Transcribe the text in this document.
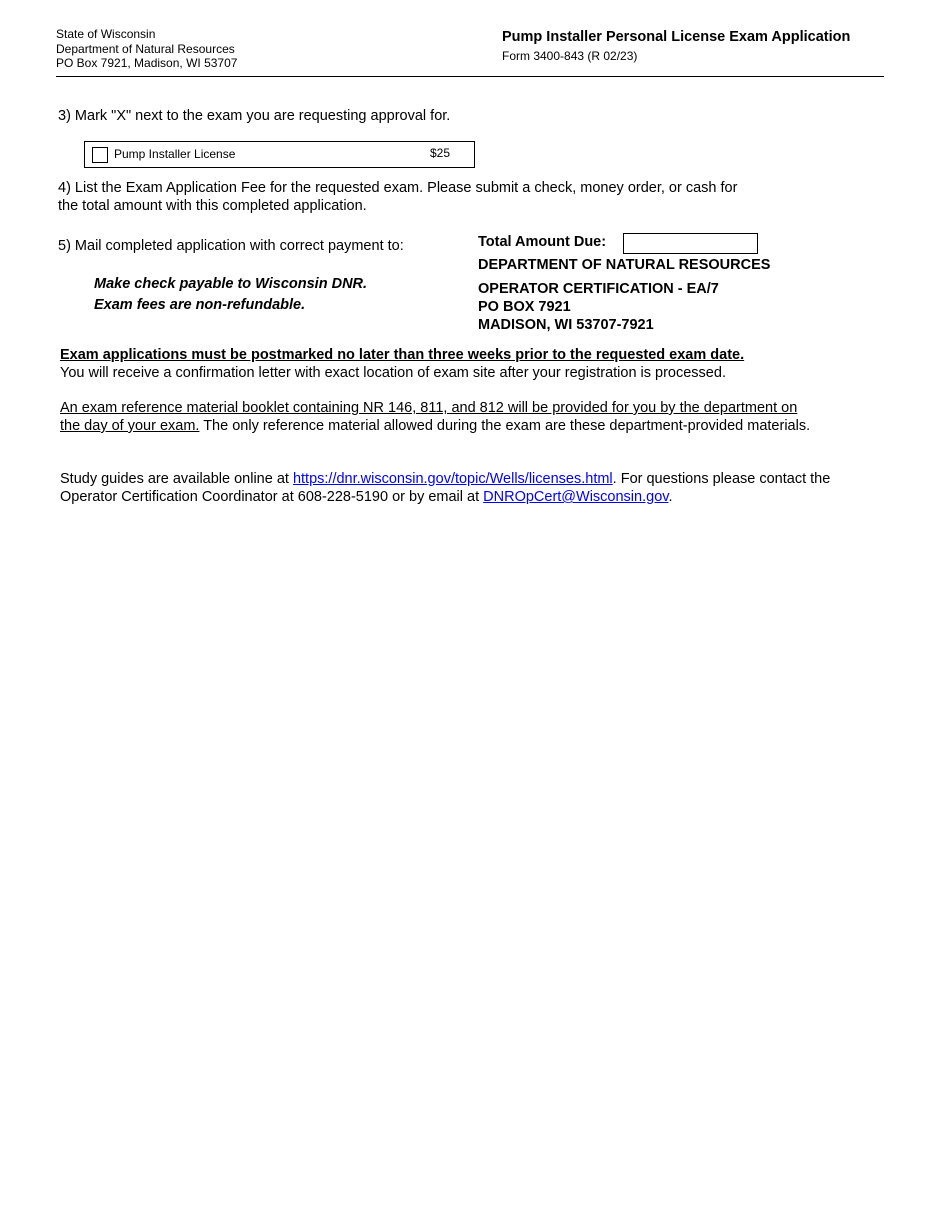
State of Wisconsin
Department of Natural Resources
PO Box 7921, Madison, WI 53707
Pump Installer Personal License Exam Application
Form 3400-843 (R 02/23)
3) Mark "X" next to the exam you are requesting approval for.
Pump Installer License	$25
4) List the Exam Application Fee for the requested exam. Please submit a check, money order, or cash for
the total amount with this completed application.
5) Mail completed application with correct payment to:
Make check payable to Wisconsin DNR.
Exam fees are non-refundable.
Total Amount Due:
DEPARTMENT OF NATURAL RESOURCES
OPERATOR CERTIFICATION - EA/7
PO BOX 7921
MADISON, WI 53707-7921
Exam applications must be postmarked no later than three weeks prior to the requested exam date.
You will receive a confirmation letter with exact location of exam site after your registration is processed.
An exam reference material booklet containing NR 146, 811, and 812 will be provided for you by the department on the day of your exam. The only reference material allowed during the exam are these department-provided materials.
Study guides are available online at https://dnr.wisconsin.gov/topic/Wells/licenses.html. For questions please contact the Operator Certification Coordinator at 608-228-5190 or by email at DNROpCert@Wisconsin.gov.
